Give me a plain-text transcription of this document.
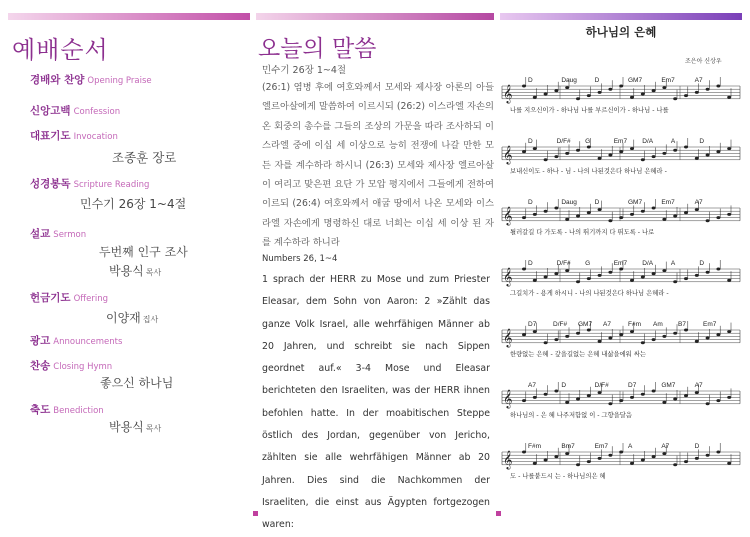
예배순서
경배와 찬양 Opening Praise
신앙고백 Confession
대표기도 Invocation
조종훈 장로
성경봉독 Scripture Reading
민수기 26장 1~4절
설교 Sermon
두번째 인구 조사
박용식 목사
헌금기도 Offering
이양재 집사
광고 Announcements
찬송 Closing Hymn
좋으신 하나님
축도 Benediction
박용식 목사
오늘의 말씀
민수기 26장 1~4절
(26:1) 염병 후에 여호와께서 모세와 제사장 아론의 아들 엘르아살에게 말씀하여 이르시되 (26:2) 이스라엘 자손의 온 회중의 총수를 그들의 조상의 가문을 따라 조사하되 이스라엘 중에 이십 세 이상으로 능히 전쟁에 나갈 만한 모든 자를 계수하라 하시니 (26:3) 모세와 제사장 엘르아살이 여리고 맞은편 요단 가 모압 평지에서 그들에게 전하여 이르되 (26:4) 여호와께서 애굽 땅에서 나온 모세와 이스라엘 자손에게 명령하신 대로 너희는 이십 세 이상 된 자를 계수하라 하니라
Numbers 26, 1~4
1 sprach der HERR zu Mose und zum Priester Eleasar, dem Sohn von Aaron: 2 »Zählt das ganze Volk Israel, alle wehrfähigen Männer ab 20 Jahren, und schreibt sie nach Sippen geordnet auf.« 3-4 Mose und Eleasar berichteten den Israeliten, was der HERR ihnen befohlen hatte. In der moabitischen Steppe östlich des Jordan, gegenüber von Jericho, zählten sie alle wehrfähigen Männer ab 20 Jahren. Dies sind die Nachkommen der Israeliten, die einst aus Ägypten fortgezogen waren:
하나님의 은혜
조은아 신상우
D	Daug	D	GM7	Em7	A7
𝄞
나를 지으신이가 - 하나님 나를 부르신이가 - 하나님 - 나를
D	D/F# G	Em7 D/A	A	D
𝄞
보내신이도 - 하나 - 님 - 나의 나된것은다 하나님 은혜라 -
D	Daug	D	GM7	Em7	A7
𝄞
될러갈길 다 가도록 - 나의 뛰기까지 다 뛰도록 - 나로
D	D/F# G	Em7 D/A	A	D
𝄞
그길치가 - 용게 하시니 - 나의 나된것은다 하나님 은혜라 -
D7	D/F# GM7 A7	F#m Am B7	Em7
𝄞
한량없는 은혜 - 갚을길없는 은혜 내삶을에워 싸는
A7	D	D/F#	D7	GM7	A7
𝄞
하나님의 - 은 혜 나주저함없 이 - 그향을달음
F#m	Bm7	Em7	A	A7	D
𝄞
도 - 나를붙드시 는 - 하나님의은 혜
